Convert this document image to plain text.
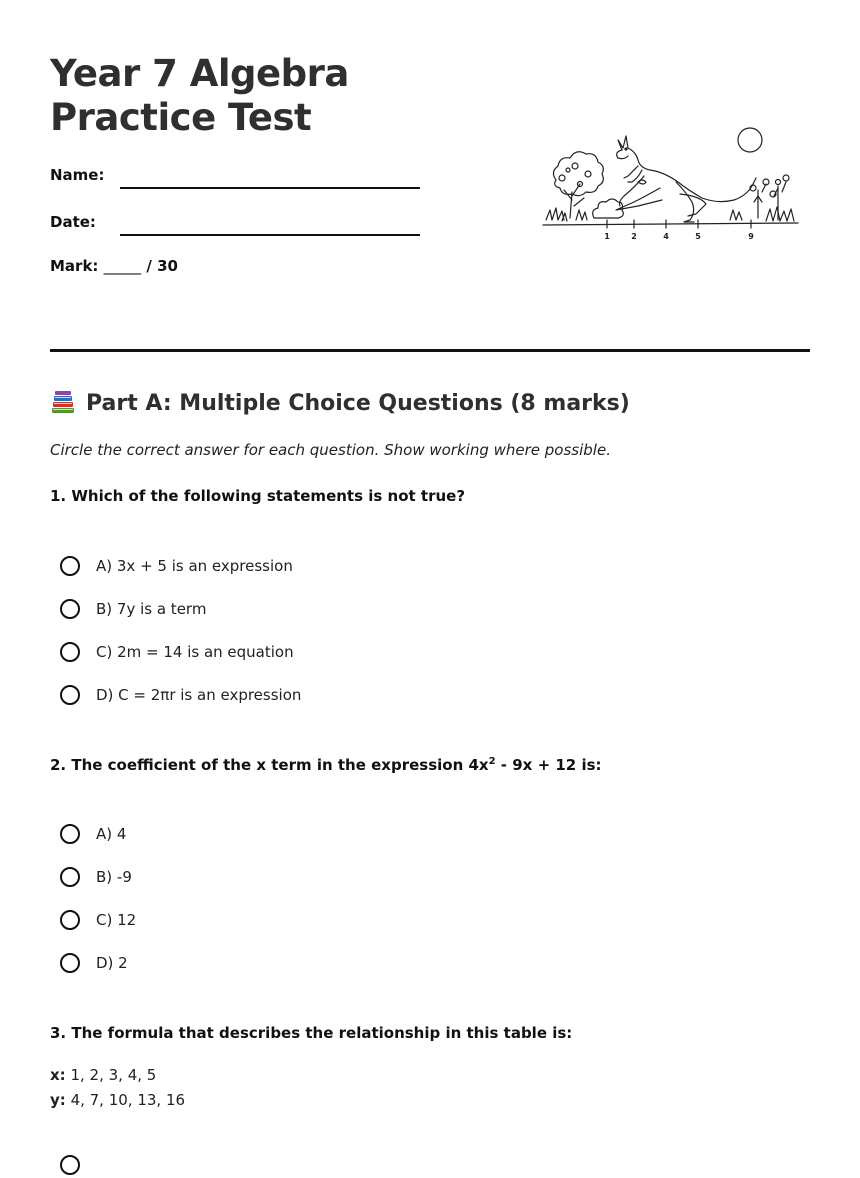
Year 7 Algebra Practice Test
Name:
Date:
Mark: _____ / 30
1	2	4	5	9
Part A: Multiple Choice Questions (8 marks)
Circle the correct answer for each question. Show working where possible.
1. Which of the following statements is not true?
A) 3x + 5 is an expression
B) 7y is a term
C) 2m = 14 is an equation
D) C = 2πr is an expression
2. The coefficient of the x term in the expression $4x^2 - 9x + 12$ is:
A) 4
B) -9
C) 12
D) 2
3. The formula that describes the relationship in this table is:
x: 1, 2, 3, 4, 5
y: 4, 7, 10, 13, 16
